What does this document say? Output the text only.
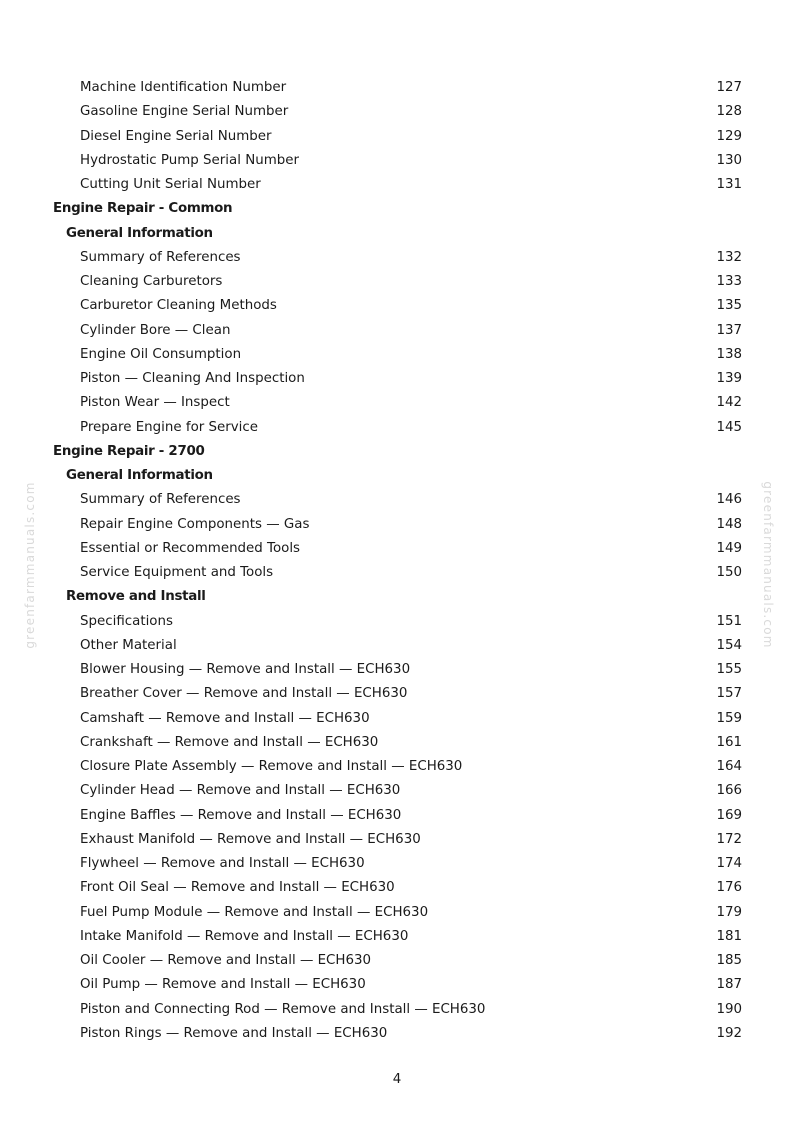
Machine Identification Number	127
Gasoline Engine Serial Number	128
Diesel Engine Serial Number	129
Hydrostatic Pump Serial Number	130
Cutting Unit Serial Number	131
Engine Repair - Common
General Information
Summary of References	132
Cleaning Carburetors	133
Carburetor Cleaning Methods	135
Cylinder Bore — Clean	137
Engine Oil Consumption	138
Piston — Cleaning And Inspection	139
Piston Wear — Inspect	142
Prepare Engine for Service	145
Engine Repair - 2700
General Information
Summary of References	146
Repair Engine Components — Gas	148
Essential or Recommended Tools	149
Service Equipment and Tools	150
Remove and Install
Specifications	151
Other Material	154
Blower Housing — Remove and Install — ECH630	155
Breather Cover — Remove and Install — ECH630	157
Camshaft — Remove and Install — ECH630	159
Crankshaft — Remove and Install — ECH630	161
Closure Plate Assembly — Remove and Install — ECH630	164
Cylinder Head — Remove and Install — ECH630	166
Engine Baffles — Remove and Install — ECH630	169
Exhaust Manifold — Remove and Install — ECH630	172
Flywheel — Remove and Install — ECH630	174
Front Oil Seal — Remove and Install — ECH630	176
Fuel Pump Module — Remove and Install — ECH630	179
Intake Manifold — Remove and Install — ECH630	181
Oil Cooler — Remove and Install — ECH630	185
Oil Pump — Remove and Install — ECH630	187
Piston and Connecting Rod — Remove and Install — ECH630	190
Piston Rings — Remove and Install — ECH630	192
greenfarmmanuals.com	greenfarmmanuals.com
4
